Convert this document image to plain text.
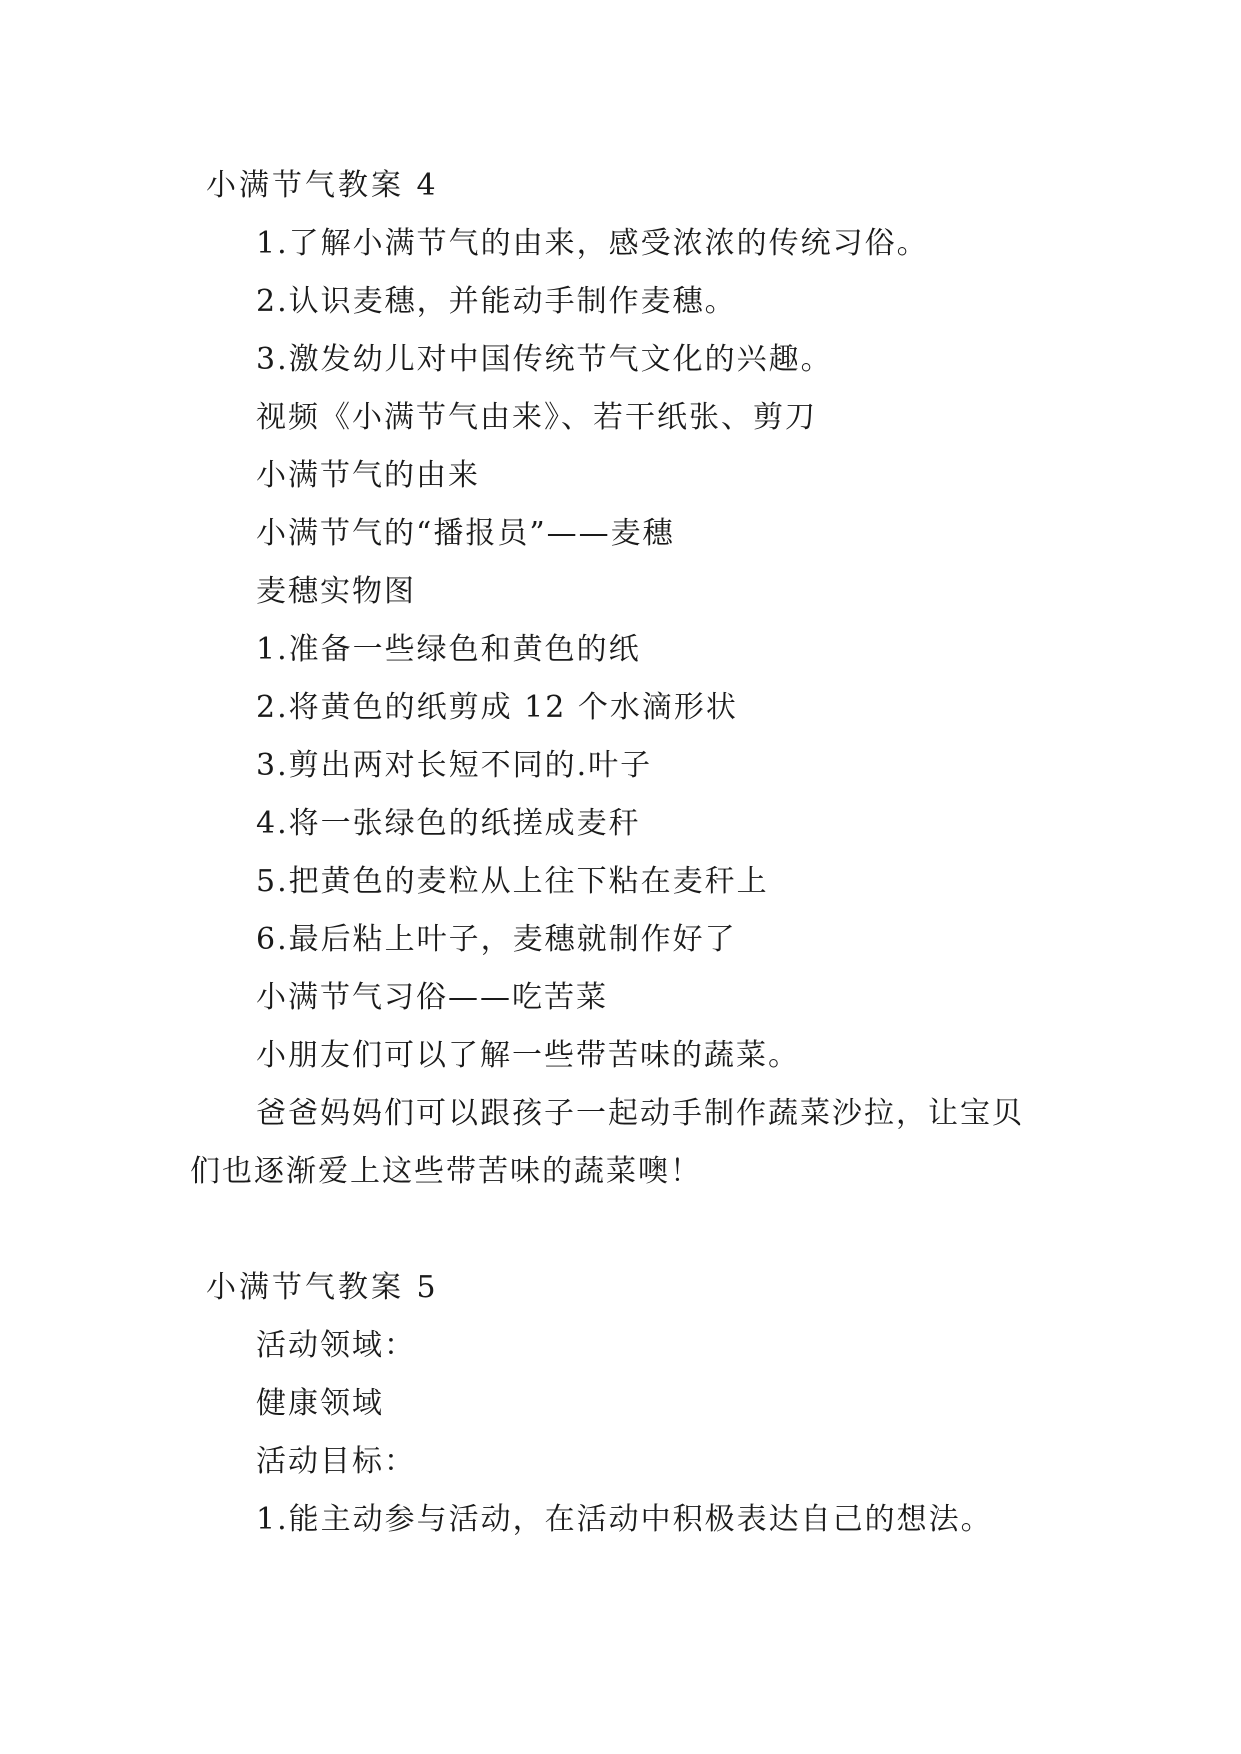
小满节气教案 4
1.了解小满节气的由来，感受浓浓的传统习俗。
2.认识麦穗，并能动手制作麦穗。
3.激发幼儿对中国传统节气文化的兴趣。
视频《小满节气由来》、若干纸张、剪刀
小满节气的由来
小满节气的“播报员”——麦穗
麦穗实物图
1.准备一些绿色和黄色的纸
2.将黄色的纸剪成 12 个水滴形状
3.剪出两对长短不同的.叶子
4.将一张绿色的纸搓成麦秆
5.把黄色的麦粒从上往下粘在麦秆上
6.最后粘上叶子，麦穗就制作好了
小满节气习俗——吃苦菜
小朋友们可以了解一些带苦味的蔬菜。
爸爸妈妈们可以跟孩子一起动手制作蔬菜沙拉，让宝贝
们也逐渐爱上这些带苦味的蔬菜噢！
小满节气教案 5
活动领域：
健康领域
活动目标：
1.能主动参与活动，在活动中积极表达自己的想法。
